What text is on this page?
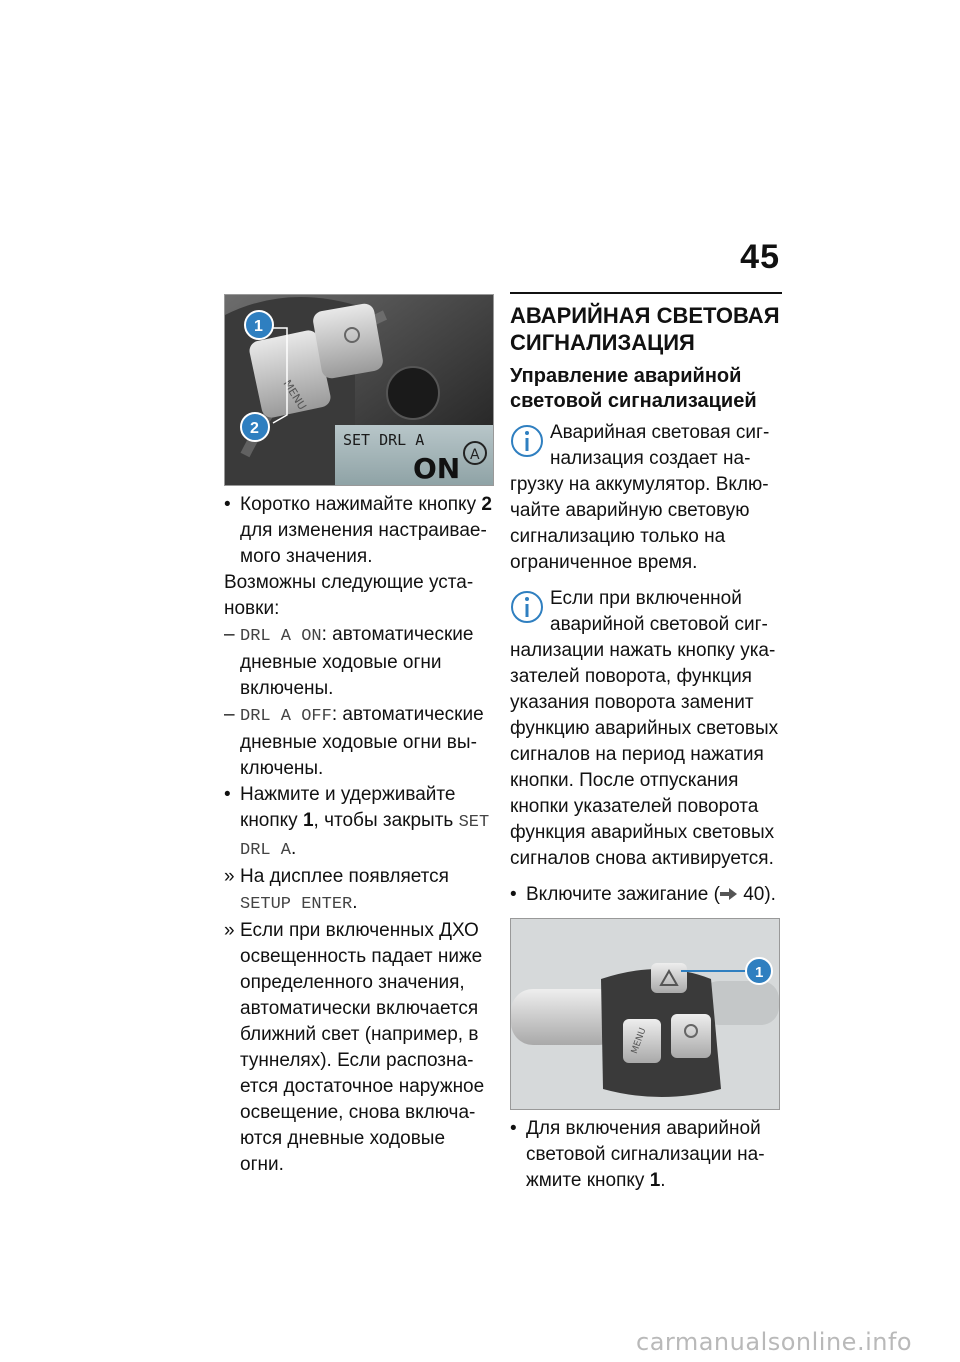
45
MENU
SET DRL A
ON A
1
2

• Коротко нажимайте кнопку 2 для изменения настраиваемого значения.

Возможны следующие установки:

– DRL A ON: автоматические дневные ходовые огни включены.

– DRL A OFF: автоматические дневные ходовые огни выключены.

• Нажмите и удерживайте кнопку 1, чтобы закрыть SET DRL A.

» На дисплее появляется SETUP ENTER.

» Если при включенных ДХО освещенность падает ниже определенного значения, автоматически включается ближний свет (например, в туннелях). Если распознается достаточное наружное освещение, снова включаются дневные ходовые огни.

АВАРИЙНАЯ СВЕТОВАЯ СИГНАЛИЗАЦИЯ
Управление аварийной световой сигнализацией
Аварийная световая сигнализация создает нагрузку на аккумулятор. Включайте аварийную световую сигнализацию только на ограниченное время.
Если при включенной аварийной световой сигнализации нажать кнопку указателей поворота, функция указания поворота заменит функцию аварийных световых сигналов на период нажатия кнопки. После отпускания кнопки указателей поворота функция аварийных световых сигналов снова активируется.

• Включите зажигание ( 40).

MENU
1

• Для включения аварийной световой сигнализации нажмите кнопку 1.

carmanualsonline.info
